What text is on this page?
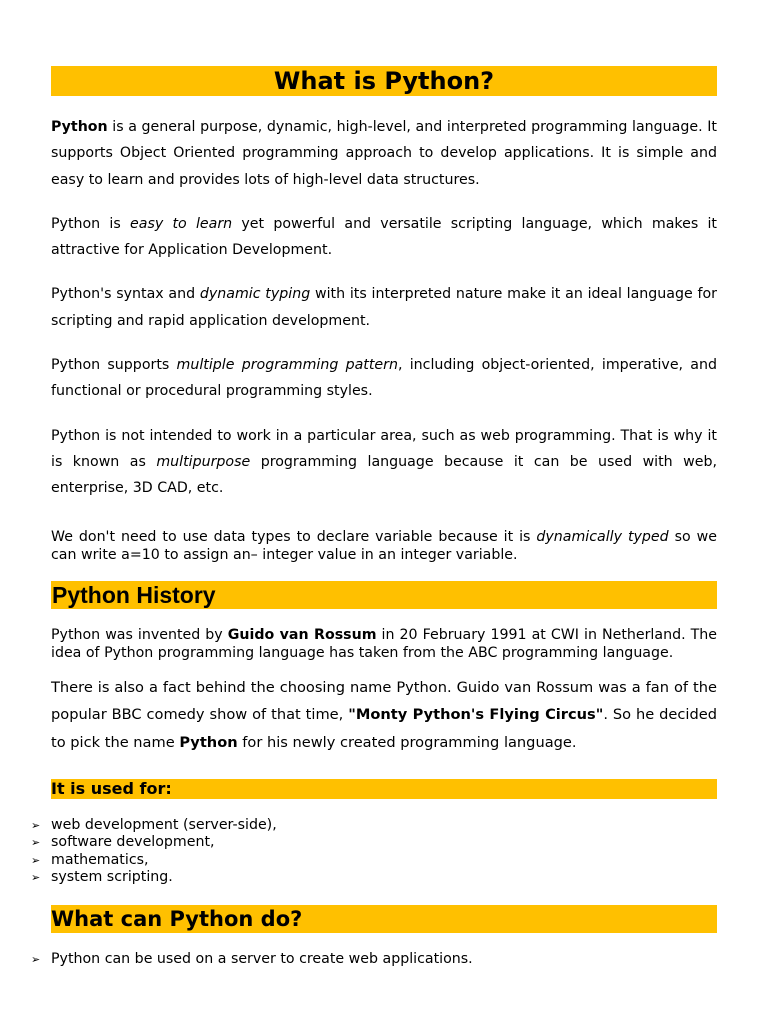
What is Python?

Python is a general purpose, dynamic, high-level, and interpreted programming language. It supports Object Oriented programming approach to develop applications. It is simple and easy to learn and provides lots of high-level data structures.

Python is easy to learn yet powerful and versatile scripting language, which makes it attractive for Application Development.

Python's syntax and dynamic typing with its interpreted nature make it an ideal language for scripting and rapid application development.

Python supports multiple programming pattern, including object-oriented, imperative, and functional or procedural programming styles.

Python is not intended to work in a particular area, such as web programming. That is why it is known as multipurpose programming language because it can be used with web, enterprise, 3D CAD, etc.

We don't need to use data types to declare variable because it is dynamically typed so we can write a=10 to assign an– integer value in an integer variable.

Python History

Python was invented by Guido van Rossum in 20 February 1991 at CWI in Netherland. The idea of Python programming language has taken from the ABC programming language.

There is also a fact behind the choosing name Python. Guido van Rossum was a fan of the popular BBC comedy show of that time, "Monty Python's Flying Circus". So he decided to pick the name Python for his newly created programming language.

It is used for:
➢ web development (server-side),
➢ software development,
➢ mathematics,
➢ system scripting.
What can Python do?
➢ Python can be used on a server to create web applications.
